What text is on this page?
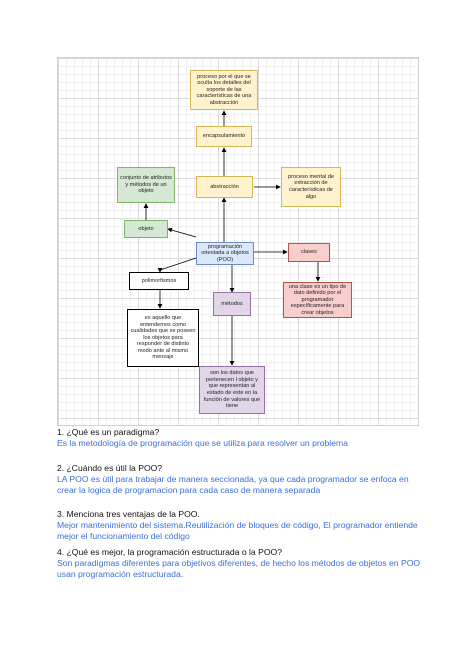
proceso por el que se oculta los detalles del soporte de las características de una abstracción
encapsulamiento
conjunto de atributos y métodos de un objeto
abstracción
proceso mental de extracción de características de algo
objeto
programación orientada a objetos (POO)
clases
polimorfismos
métodos
una clase es un tipo de dato definido por el programador específicamente para crear objetos
es aquello que entendemos como cualidades que se poseen los objetos para responder de distinto modo ante al mismo mensaje
son los datos que pertenecen l objeto y que representan al estado de este en la función de valores que tiene
1. ¿Qué es un paradigma?
Es la metodología de programación que se utiliza para resolver un problema
2. ¿Cuándo es útil la POO?
LA POO es útil para trabajar de manera seccionada, ya que cada programador se enfoca en crear la logica de programacion para cada caso de manera separada
3. Menciona tres ventajas de la POO.
Mejor mantenimiento del sistema.Reutilización de bloques de código, El programador entiende mejor el funcionamiento del código
4. ¿Qué es mejor, la programación estructurada o la POO?
Son paradigmas diferentes para objetivos diferentes, de hecho los métodos de objetos en POO usan programación estructurada.
